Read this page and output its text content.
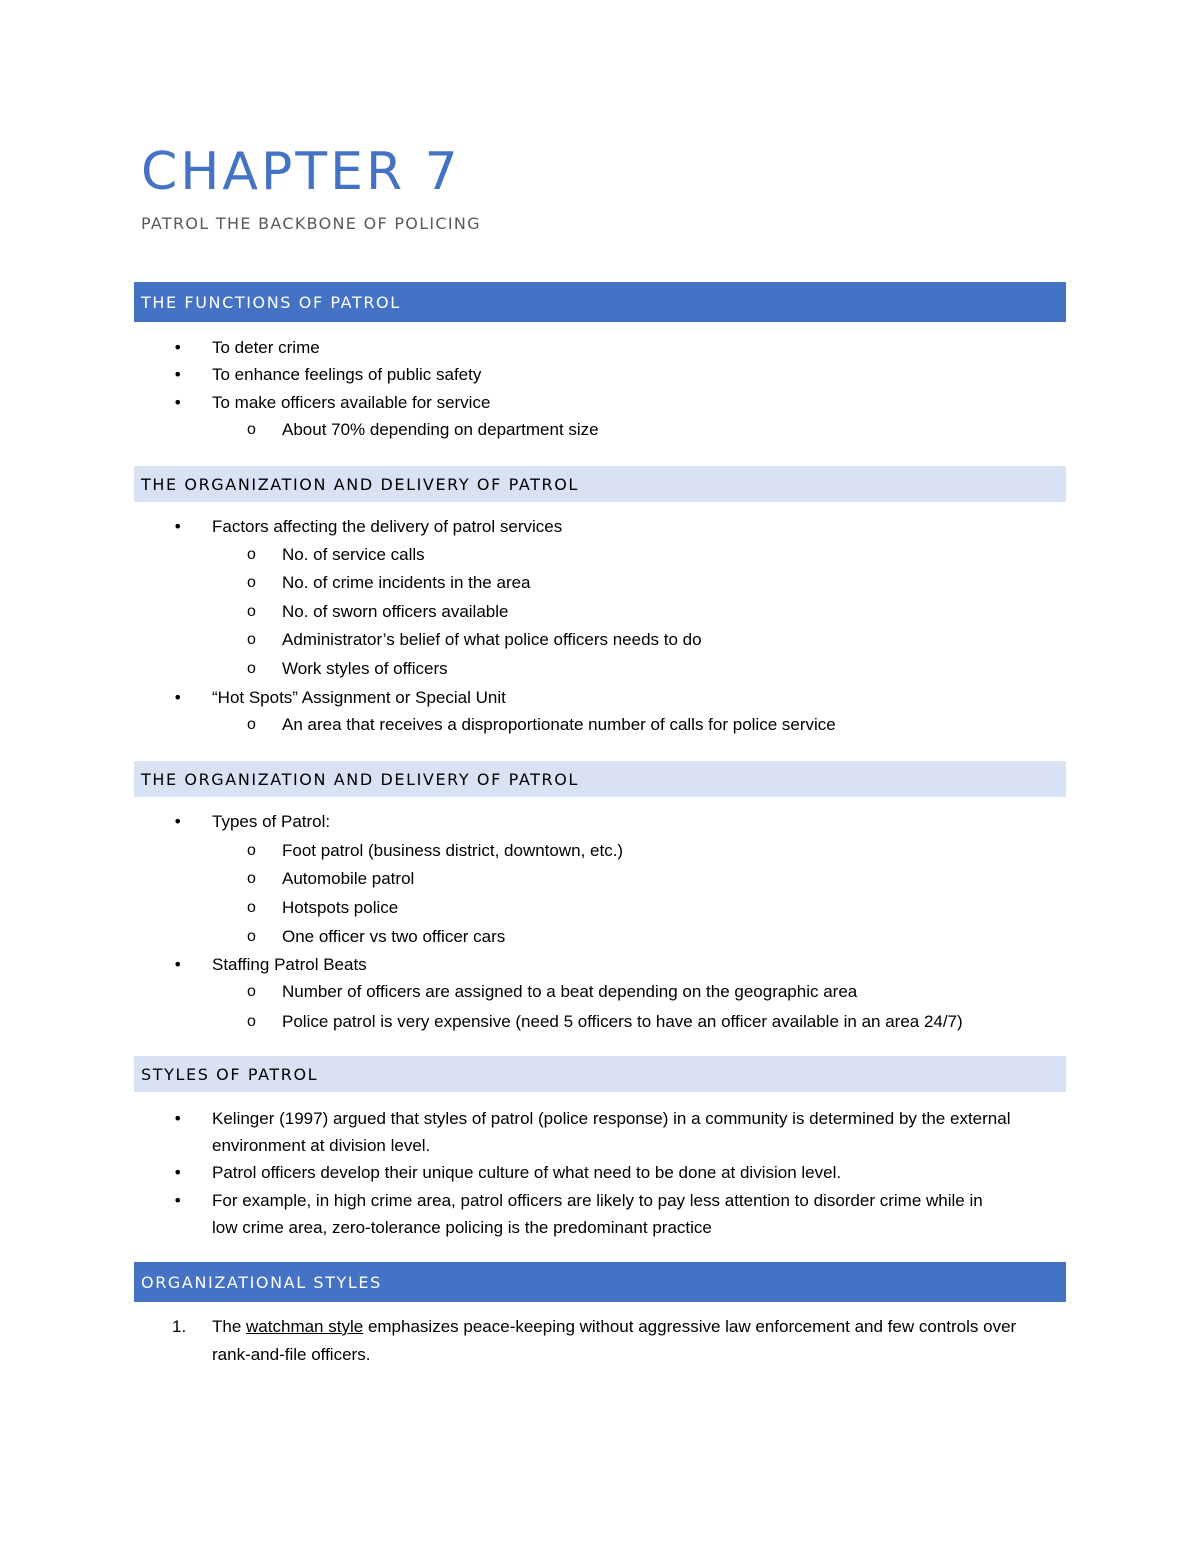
CHAPTER 7
PATROL THE BACKBONE OF POLICING
THE FUNCTIONS OF PATROL
• To deter crime

• To enhance feelings of public safety

• To make officers available for service

o About 70% depending on department size

THE ORGANIZATION AND DELIVERY OF PATROL
• Factors affecting the delivery of patrol services

o No. of service calls

o No. of crime incidents in the area

o No. of sworn officers available

o Administrator’s belief of what police officers needs to do

o Work styles of officers

• “Hot Spots” Assignment or Special Unit

o An area that receives a disproportionate number of calls for police service

THE ORGANIZATION AND DELIVERY OF PATROL
• Types of Patrol:

o Foot patrol (business district, downtown, etc.)

o Automobile patrol

o Hotspots police

o One officer vs two officer cars

• Staffing Patrol Beats

o Number of officers are assigned to a beat depending on the geographic area

o Police patrol is very expensive (need 5 officers to have an officer available in an area 24/7)

STYLES OF PATROL
• Kelinger (1997) argued that styles of patrol (police response) in a community is determined by the external

environment at division level.

• Patrol officers develop their unique culture of what need to be done at division level.

• For example, in high crime area, patrol officers are likely to pay less attention to disorder crime while in

low crime area, zero-tolerance policing is the predominant practice

ORGANIZATIONAL STYLES
1. The watchman style emphasizes peace-keeping without aggressive law enforcement and few controls over

rank-and-file officers.
